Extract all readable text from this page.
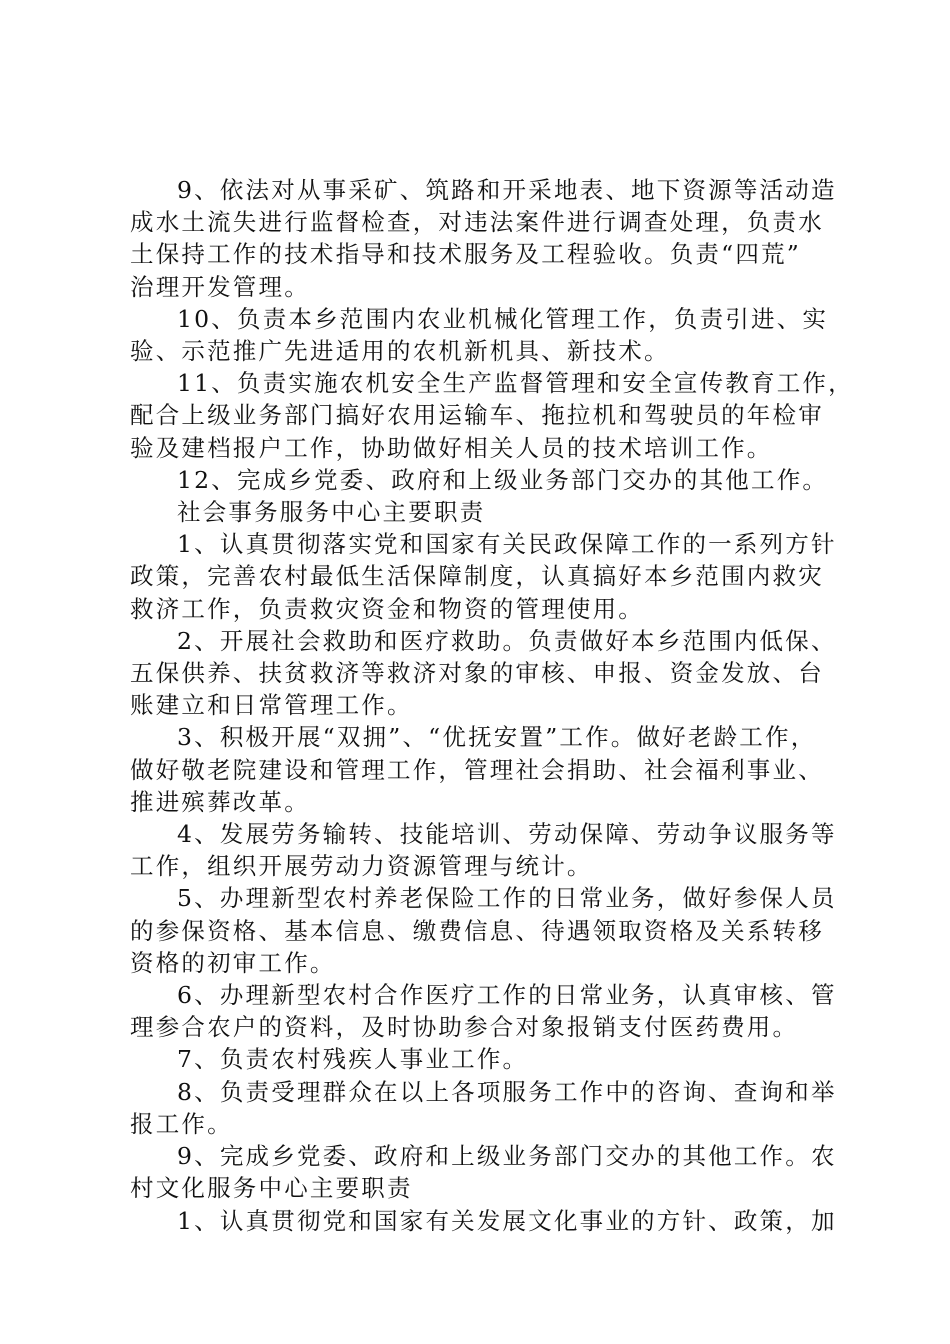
9、依法对从事采矿、筑路和开采地表、地下资源等活动造
成水土流失进行监督检查，对违法案件进行调查处理，负责水
土保持工作的技术指导和技术服务及工程验收。负责“四荒”
治理开发管理。
10、负责本乡范围内农业机械化管理工作，负责引进、实
验、示范推广先进适用的农机新机具、新技术。
11、负责实施农机安全生产监督管理和安全宣传教育工作，
配合上级业务部门搞好农用运输车、拖拉机和驾驶员的年检审
验及建档报户工作，协助做好相关人员的技术培训工作。
12、完成乡党委、政府和上级业务部门交办的其他工作。
社会事务服务中心主要职责
1、认真贯彻落实党和国家有关民政保障工作的一系列方针
政策，完善农村最低生活保障制度，认真搞好本乡范围内救灾
救济工作，负责救灾资金和物资的管理使用。
2、开展社会救助和医疗救助。负责做好本乡范围内低保、
五保供养、扶贫救济等救济对象的审核、申报、资金发放、台
账建立和日常管理工作。
3、积极开展“双拥”、“优抚安置”工作。做好老龄工作，
做好敬老院建设和管理工作，管理社会捐助、社会福利事业、
推进殡葬改革。
4、发展劳务输转、技能培训、劳动保障、劳动争议服务等
工作，组织开展劳动力资源管理与统计。
5、办理新型农村养老保险工作的日常业务，做好参保人员
的参保资格、基本信息、缴费信息、待遇领取资格及关系转移
资格的初审工作。
6、办理新型农村合作医疗工作的日常业务，认真审核、管
理参合农户的资料，及时协助参合对象报销支付医药费用。
7、负责农村残疾人事业工作。
8、负责受理群众在以上各项服务工作中的咨询、查询和举
报工作。
9、完成乡党委、政府和上级业务部门交办的其他工作。农
村文化服务中心主要职责
1、认真贯彻党和国家有关发展文化事业的方针、政策，加
